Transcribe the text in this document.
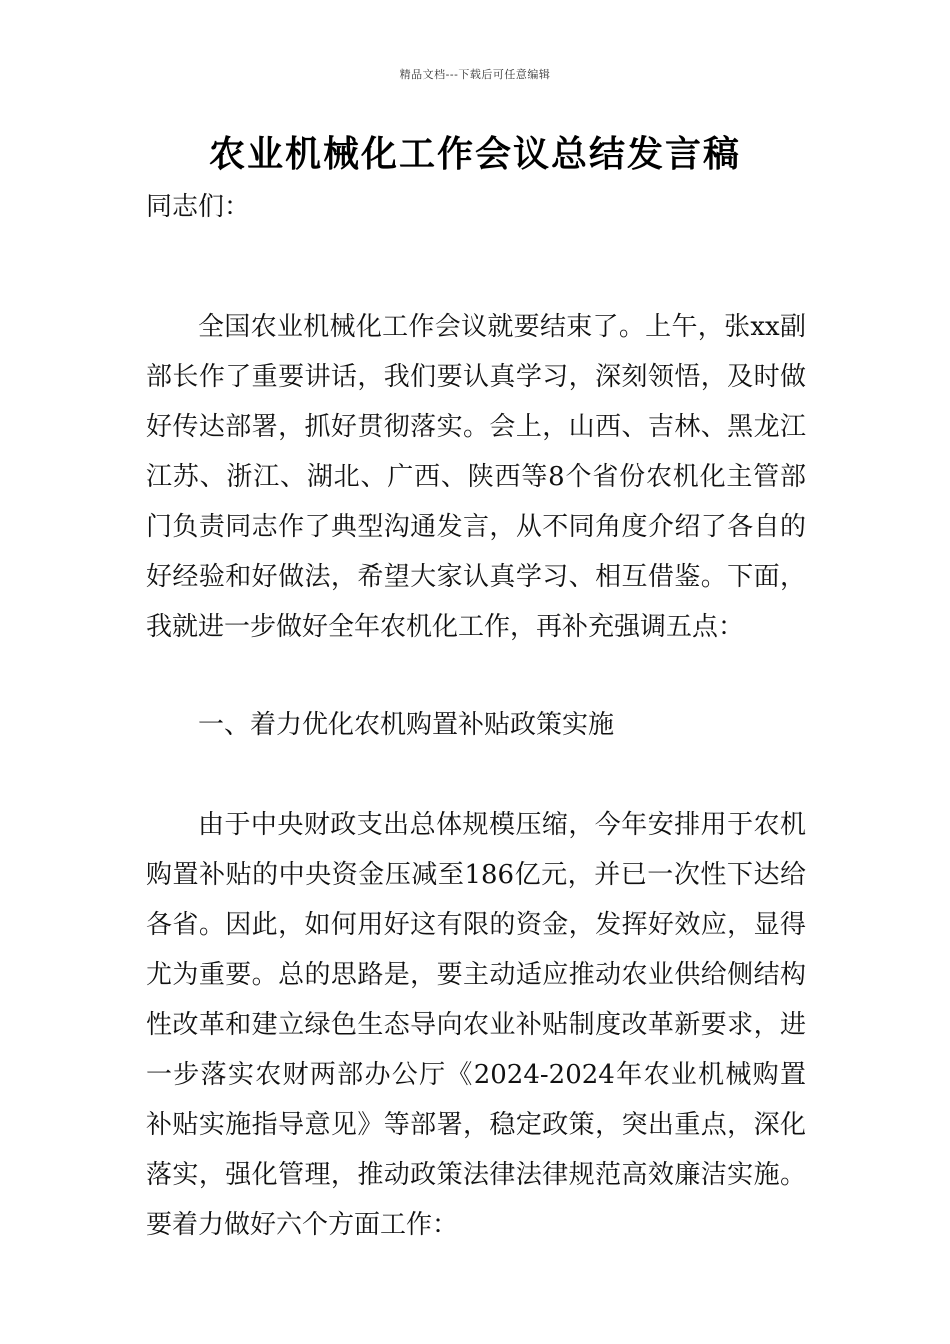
精品文档---下载后可任意编辑
农业机械化工作会议总结发言稿

同志们：

全国农业机械化工作会议就要结束了。上午，张xx副部长作了重要讲话，我们要认真学习，深刻领悟，及时做好传达部署，抓好贯彻落实。会上，山西、吉林、黑龙江江苏、浙江、湖北、广西、陕西等8个省份农机化主管部门负责同志作了典型沟通发言，从不同角度介绍了各自的好经验和好做法，希望大家认真学习、相互借鉴。下面，我就进一步做好全年农机化工作，再补充强调五点：

一、着力优化农机购置补贴政策实施

由于中央财政支出总体规模压缩，今年安排用于农机购置补贴的中央资金压减至186亿元，并已一次性下达给各省。因此，如何用好这有限的资金，发挥好效应，显得尤为重要。总的思路是，要主动适应推动农业供给侧结构性改革和建立绿色生态导向农业补贴制度改革新要求，进一步落实农财两部办公厅《2024-2024年农业机械购置补贴实施指导意见》等部署，稳定政策，突出重点，深化落实，强化管理，推动政策法律法律规范高效廉洁实施。要着力做好六个方面工作：
